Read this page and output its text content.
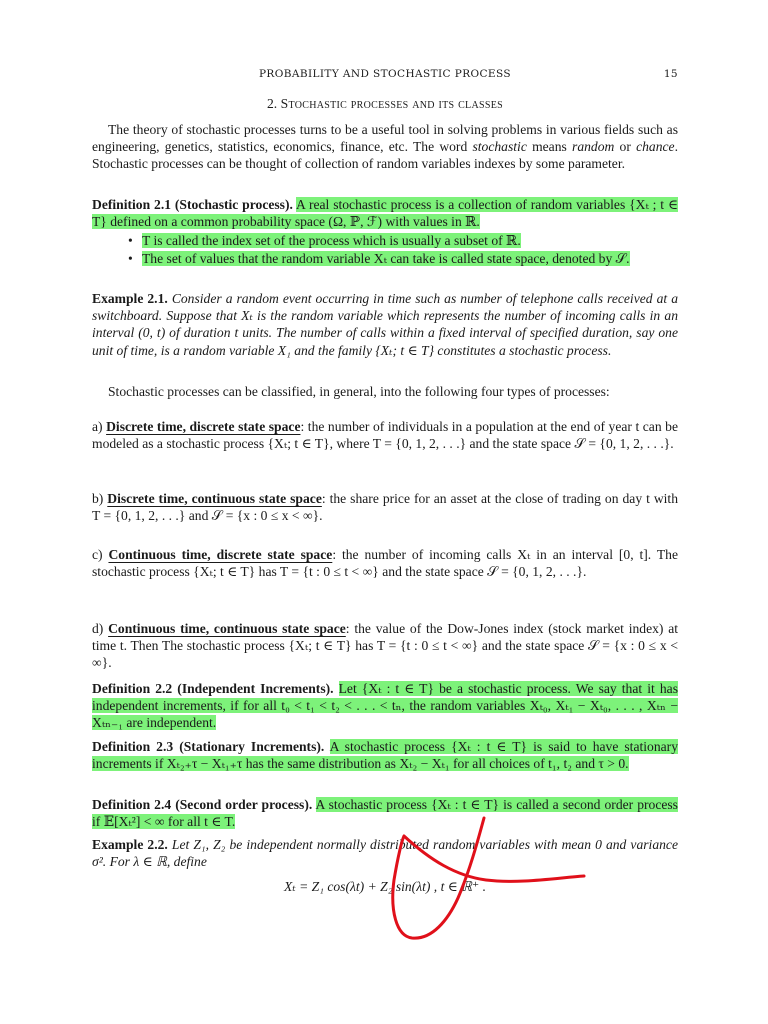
PROBABILITY AND STOCHASTIC PROCESS	15
2. Stochastic processes and its classes
The theory of stochastic processes turns to be a useful tool in solving problems in various fields such as engineering, genetics, statistics, economics, finance, etc. The word stochastic means random or chance. Stochastic processes can be thought of collection of random variables indexes by some parameter.
Definition 2.1 (Stochastic process). A real stochastic process is a collection of random variables {Xₜ ; t ∈ T} defined on a common probability space (Ω, ℙ, ℱ) with values in ℝ.
• T is called the index set of the process which is usually a subset of ℝ.
• The set of values that the random variable Xₜ can take is called state space, denoted by 𝒮.
Example 2.1. Consider a random event occurring in time such as number of telephone calls received at a switchboard. Suppose that Xₜ is the random variable which represents the number of incoming calls in an interval (0, t) of duration t units. The number of calls within a fixed interval of specified duration, say one unit of time, is a random variable X₁ and the family {Xₜ; t ∈ T} constitutes a stochastic process.
Stochastic processes can be classified, in general, into the following four types of processes:
a) Discrete time, discrete state space: the number of individuals in a population at the end of year t can be modeled as a stochastic process {Xₜ; t ∈ T}, where T = {0, 1, 2, . . .} and the state space 𝒮 = {0, 1, 2, . . .}.
b) Discrete time, continuous state space: the share price for an asset at the close of trading on day t with T = {0, 1, 2, . . .} and 𝒮 = {x : 0 ≤ x < ∞}.
c) Continuous time, discrete state space: the number of incoming calls Xₜ in an interval [0, t]. The stochastic process {Xₜ; t ∈ T} has T = {t : 0 ≤ t < ∞} and the state space 𝒮 = {0, 1, 2, . . .}.
d) Continuous time, continuous state space: the value of the Dow-Jones index (stock market index) at time t. Then The stochastic process {Xₜ; t ∈ T} has T = {t : 0 ≤ t < ∞} and the state space 𝒮 = {x : 0 ≤ x < ∞}.
Definition 2.2 (Independent Increments). Let {Xₜ : t ∈ T} be a stochastic process. We say that it has independent increments, if for all t₀ < t₁ < t₂ < . . . < tₙ, the random variables Xₜ₀, Xₜ₁ − Xₜ₀, . . . , Xₜₙ − Xₜₙ₋₁ are independent.
Definition 2.3 (Stationary Increments). A stochastic process {Xₜ : t ∈ T} is said to have stationary increments if Xₜ₂₊τ − Xₜ₁₊τ has the same distribution as Xₜ₂ − Xₜ₁ for all choices of t₁, t₂ and τ > 0.
Definition 2.4 (Second order process). A stochastic process {Xₜ : t ∈ T} is called a second order process if 𝔼[Xₜ²] < ∞ for all t ∈ T.
Example 2.2. Let Z₁, Z₂ be independent normally distributed random variables with mean 0 and variance σ². For λ ∈ ℝ, define
Xₜ = Z₁ cos(λt) + Z₂ sin(λt) , t ∈ ℝ⁺ .
